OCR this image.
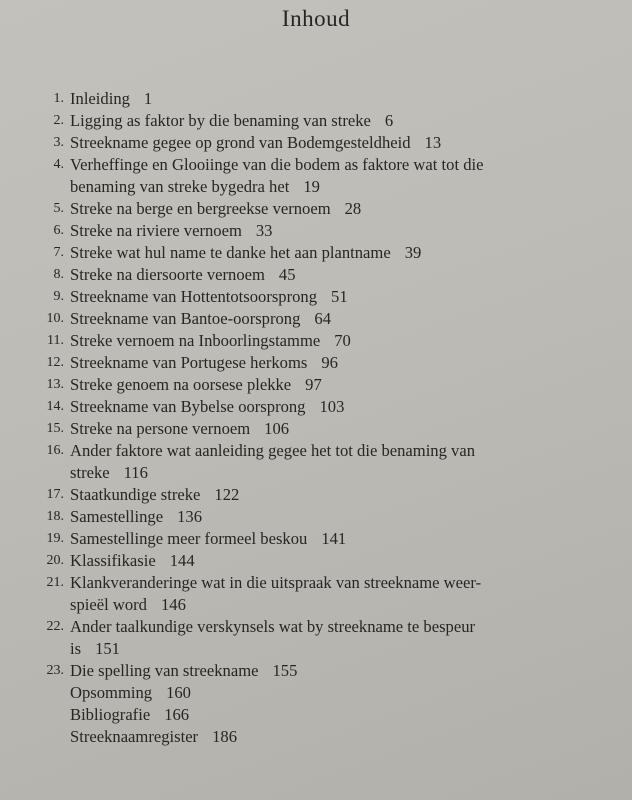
Inhoud
1. Inleiding 1
2. Ligging as faktor by die benaming van streke 6
3. Streekname gegee op grond van Bodemgesteldheid 13
4. Verheffinge en Glooiinge van die bodem as faktore wat tot die
benaming van streke bygedra het 19
5. Streke na berge en bergreekse vernoem 28
6. Streke na riviere vernoem 33
7. Streke wat hul name te danke het aan plantname 39
8. Streke na diersoorte vernoem 45
9. Streekname van Hottentotsoorsprong 51
10. Streekname van Bantoe-oorsprong 64
11. Streke vernoem na Inboorlingstamme 70
12. Streekname van Portugese herkoms 96
13. Streke genoem na oorsese plekke 97
14. Streekname van Bybelse oorsprong 103
15. Streke na persone vernoem 106
16. Ander faktore wat aanleiding gegee het tot die benaming van
streke 116
17. Staatkundige streke 122
18. Samestellinge 136
19. Samestellinge meer formeel beskou 141
20. Klassifikasie 144
21. Klankveranderinge wat in die uitspraak van streekname weer-
spieël word 146
22. Ander taalkundige verskynsels wat by streekname te bespeur
is 151
23. Die spelling van streekname 155
Opsomming 160
Bibliografie 166
Streeknaamregister 186
